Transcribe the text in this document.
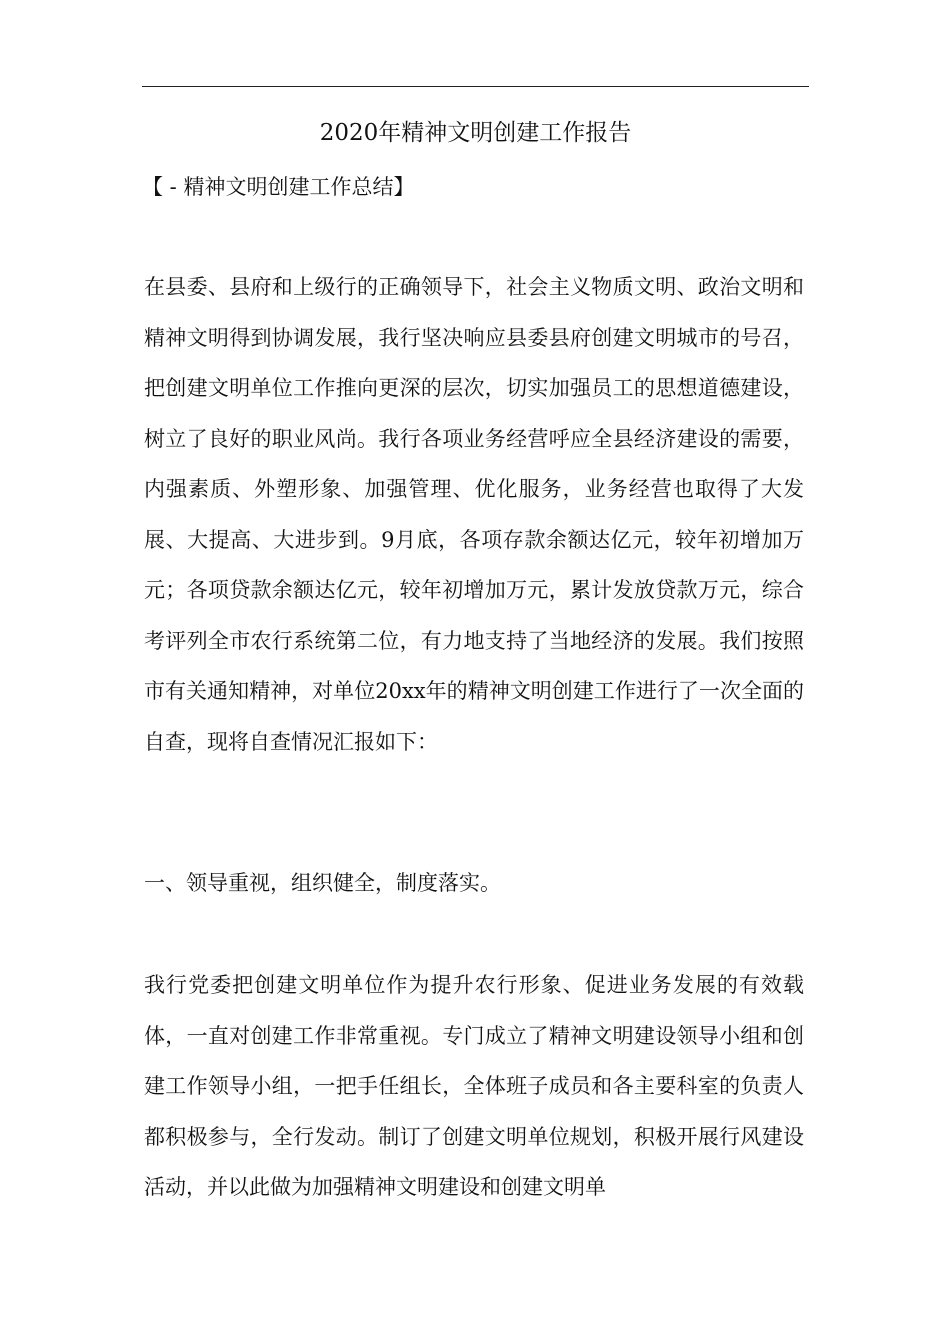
2020年精神文明创建工作报告

【 - 精神文明创建工作总结】

在县委、县府和上级行的正确领导下，社会主义物质文明、政治文明和精神文明得到协调发展，我行坚决响应县委县府创建文明城市的号召，把创建文明单位工作推向更深的层次，切实加强员工的思想道德建设，树立了良好的职业风尚。我行各项业务经营呼应全县经济建设的需要，内强素质、外塑形象、加强管理、优化服务，业务经营也取得了大发展、大提高、大进步到。9月底，各项存款余额达亿元，较年初增加万元；各项贷款余额达亿元，较年初增加万元，累计发放贷款万元，综合考评列全市农行系统第二位，有力地支持了当地经济的发展。我们按照市有关通知精神，对单位20xx年的精神文明创建工作进行了一次全面的自查，现将自查情况汇报如下：

一、领导重视，组织健全，制度落实。

我行党委把创建文明单位作为提升农行形象、促进业务发展的有效载体，一直对创建工作非常重视。专门成立了精神文明建设领导小组和创建工作领导小组，一把手任组长，全体班子成员和各主要科室的负责人都积极参与，全行发动。制订了创建文明单位规划，积极开展行风建设活动，并以此做为加强精神文明建设和创建文明单
